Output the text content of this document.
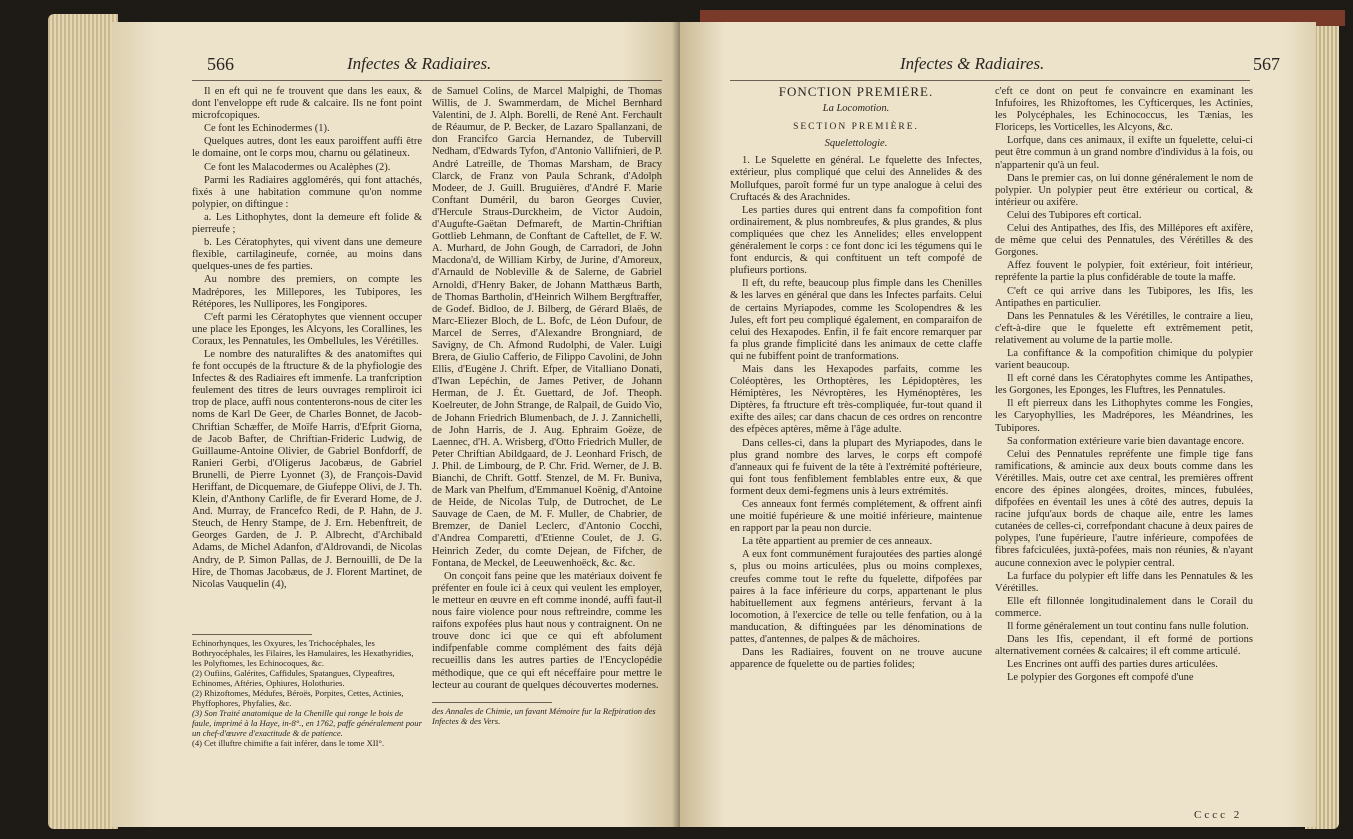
566	Infectes & Radiaires.

Il en eft qui ne fe trouvent que dans les eaux, & dont l'enveloppe eft rude & calcaire. Ils ne font point microfcopiques.

Ce font les Echinodermes (1).

Quelques autres, dont les eaux paroiffent auffi être le domaine, ont le corps mou, charnu ou gélatineux.

Ce font les Malacodermes ou Acalèphes (2).

Parmi les Radiaires agglomérés, qui font attachés, fixés à une habitation commune qu'on nomme polypier, on diftingue :

a. Les Lithophytes, dont la demeure eft folide & pierreufe ;

b. Les Cératophytes, qui vivent dans une demeure flexible, cartilagineufe, cornée, au moins dans quelques-unes de fes parties.

Au nombre des premiers, on compte les Madrépores, les Millepores, les Tubipores, les Rétépores, les Nullipores, les Fongipores.

C'eft parmi les Cératophytes que viennent occuper une place les Eponges, les Alcyons, les Corallines, les Coraux, les Pennatules, les Ombellules, les Vérétilles.

Le nombre des naturaliftes & des anatomiftes qui fe font occupés de la ftructure & de la phyfiologie des Infectes & des Radiaires eft immenfe. La tranfcription feulement des titres de leurs ouvrages rempliroit ici trop de place, auffi nous contenterons-nous de citer les noms de Karl De Geer, de Charles Bonnet, de Jacob-Chriftian Schæffer, de Moïfe Harris, d'Efprit Giorna, de Jacob Bafter, de Chriftian-Frideric Ludwig, de Guillaume-Antoine Olivier, de Gabriel Bonfdorff, de Ranieri Gerbi, d'Oligerus Jacobæus, de Gabriel Brunelli, de Pierre Lyonnet (3), de François-David Heriffant, de Dicquemare, de Giufeppe Olivi, de J. Th. Klein, d'Anthony Carlifle, de fir Everard Home, de J. And. Murray, de Francefco Redi, de P. Hahn, de J. Steuch, de Henry Stampe, de J. Ern. Hebenftreit, de Georges Garden, de J. P. Albrecht, d'Archibald Adams, de Michel Adanfon, d'Aldrovandi, de Nicolas Andry, de P. Simon Pallas, de J. Bernouilli, de De la Hire, de Thomas Jacobæus, de J. Florent Martinet, de Nicolas Vauquelin (4),

de Samuel Colins, de Marcel Malpighi, de Thomas Willis, de J. Swammerdam, de Michel Bernhard Valentini, de J. Alph. Borelli, de René Ant. Ferchault de Réaumur, de P. Becker, de Lazaro Spallanzani, de don Francifco Garcia Hernandez, de Tubervill Nedham, d'Edwards Tyfon, d'Antonio Vallifnieri, de P. André Latreille, de Thomas Marsham, de Bracy Clarck, de Franz von Paula Schrank, d'Adolph Modeer, de J. Guill. Bruguières, d'André F. Marie Conftant Duméril, du baron Georges Cuvier, d'Hercule Straus-Durckheim, de Victor Audoin, d'Augufte-Gaëtan Defmareft, de Martin-Chriftian Gottlieb Lehmann, de Conftant de Caftellet, de F. W. A. Murhard, de John Gough, de Carradori, de John Macdona'd, de William Kirby, de Jurine, d'Amoreux, d'Arnauld de Nobleville & de Salerne, de Gabriel Arnoldi, d'Henry Baker, de Johann Matthæus Barth, de Thomas Bartholin, d'Heinrich Wilhem Bergftraffer, de Godef. Bidloo, de J. Bilberg, de Gérard Blaës, de Marc-Eliezer Bloch, de L. Bofc, de Léon Dufour, de Marcel de Serres, d'Alexandre Brongniard, de Savigny, de Ch. Afmond Rudolphi, de Valer. Luigi Brera, de Giulio Cafferio, de Filippo Cavolini, de John Ellis, d'Eugène J. Chrift. Efper, de Vitalliano Donati, d'Iwan Lepéchin, de James Petiver, de Johann Herman, de J. Ét. Guettard, de Jof. Theoph. Koelreuter, de John Strange, de Ralpail, de Guido Vio, de Johann Friedrich Blumenbach, de J. J. Zannichelli, de John Harris, de J. Aug. Ephraim Goëze, de Laennec, d'H. A. Wrisberg, d'Otto Friedrich Muller, de Peter Chriftian Abildgaard, de J. Leonhard Frisch, de J. Phil. de Limbourg, de P. Chr. Frid. Werner, de J. B. Bianchi, de Chrift. Gottf. Stenzel, de M. Fr. Buniva, de Mark van Phelfum, d'Emmanuel Koënig, d'Antoine de Heide, de Nicolas Tulp, de Dutrochet, de Le Sauvage de Caen, de M. F. Muller, de Chabrier, de Bremzer, de Daniel Leclerc, d'Antonio Cocchi, d'Andrea Comparetti, d'Etienne Coulet, de J. G. Heinrich Zeder, du comte Dejean, de Fifcher, de Fontana, de Meckel, de Leeuwenhoëck, &c. &c.

On conçoit fans peine que les matériaux doivent fe préfenter en foule ici à ceux qui veulent les employer, le metteur en œuvre en eft comme inondé, auffi faut-il nous faire violence pour nous reftreindre, comme les raifons expofées plus haut nous y contraignent. On ne trouve donc ici que ce qui eft abfolument indifpenfable comme complément des faits déjà recueillis dans les autres parties de l'Encyclopédie méthodique, que ce qui eft néceffaire pour mettre le lecteur au courant de quelques découvertes modernes.

Echinorhynques, les Oxyures, les Trichocéphales, les Bothryocéphales, les Filaires, les Hamulaires, les Hexathyridies, les Polyftomes, les Echinocoques, &c.

(2) Oufiins, Galérites, Caffidules, Spatangues, Clypeaftres, Echinomes, Aftéries, Ophiures, Holothuries.

(2) Rhizoftomes, Médufes, Béroës, Porpites, Cettes, Actinies, Phyffophores, Phyfalies, &c.

(3) Son Traité anatomique de la Chenille qui ronge le bois de faule, imprimé à la Haye, in-8°., en 1762, paffe généralement pour un chef-d'œuvre d'exactitude & de patience.

(4) Cet illuftre chimifte a fait inférer, dans le tome XII°.

des Annales de Chimie, un favant Mémoire fur la Refpiration des Infectes & des Vers.

Infectes & Radiaires.	567
FONCTION PREMIÈRE.
La Locomotion.
SECTION PREMIÈRE.
Squelettologie.

1. Le Squelette en général. Le fquelette des Infectes, extérieur, plus compliqué que celui des Annelides & des Mollufques, paroît formé fur un type analogue à celui des Cruftacés & des Arachnides.

Les parties dures qui entrent dans fa compofition font ordinairement, & plus nombreufes, & plus grandes, & plus compliquées que chez les Annelides; elles enveloppent généralement le corps : ce font donc ici les tégumens qui le font endurcis, & qui conftituent un teft compofé de plufieurs portions.

Il eft, du refte, beaucoup plus fimple dans les Chenilles & les larves en général que dans les Infectes parfaits. Celui de certains Myriapodes, comme les Scolopendres & les Jules, eft fort peu compliqué également, en comparaifon de celui des Hexapodes. Enfin, il fe fait encore remarquer par fa plus grande fimplicité dans les animaux de cette claffe qui ne fubiffent point de tranformations.

Mais dans les Hexapodes parfaits, comme les Coléoptères, les Orthoptères, les Lépidoptères, les Hémiptères, les Névroptères, les Hyménoptères, les Diptères, fa ftructure eft très-compliquée, fur-tout quand il exifte des ailes; car dans chacun de ces ordres on rencontre des efpèces aptères, même à l'âge adulte.

Dans celles-ci, dans la plupart des Myriapodes, dans le plus grand nombre des larves, le corps eft compofé d'anneaux qui fe fuivent de la tête à l'extrémité poftérieure, qui font tous fenfiblement femblables entre eux, & que forment deux demi-fegmens unis à leurs extrémités.

Ces anneaux font fermés complétement, & offrent ainfi une moitié fupérieure & une moitié inférieure, maintenue en rapport par la peau non durcie.

La tête appartient au premier de ces anneaux.

A eux font communément furajoutées des parties alongé s, plus ou moins articulées, plus ou moins complexes, creufes comme tout le refte du fquelette, difpofées par paires à la face inférieure du corps, appartenant le plus habituellement aux fegmens antérieurs, fervant à la locomotion, à l'exercice de telle ou telle fenfation, ou à la manducation, & diftinguées par les dénominations de pattes, d'antennes, de palpes & de mâchoires.

Dans les Radiaires, fouvent on ne trouve aucune apparence de fquelette ou de parties folides;

c'eft ce dont on peut fe convaincre en examinant les Infufoires, les Rhizoftomes, les Cyfticerques, les Actinies, les Polycéphales, les Echinococcus, les Tænias, les Floriceps, les Vorticelles, les Alcyons, &c.

Lorfque, dans ces animaux, il exifte un fquelette, celui-ci peut être commun à un grand nombre d'individus à la fois, ou n'appartenir qu'à un feul.

Dans le premier cas, on lui donne généralement le nom de polypier. Un polypier peut être extérieur ou cortical, & intérieur ou axifère.

Celui des Tubipores eft cortical.

Celui des Antipathes, des Ifis, des Millépores eft axifère, de même que celui des Pennatules, des Vérétilles & des Gorgones.

Affez fouvent le polypier, foit extérieur, foit intérieur, repréfente la partie la plus confidérable de toute la maffe.

C'eft ce qui arrive dans les Tubipores, les Ifis, les Antipathes en particulier.

Dans les Pennatules & les Vérétilles, le contraire a lieu, c'eft-à-dire que le fquelette eft extrêmement petit, relativement au volume de la partie molle.

La confiftance & la compofition chimique du polypier varient beaucoup.

Il eft corné dans les Cératophytes comme les Antipathes, les Gorgones, les Eponges, les Fluftres, les Pennatules.

Il eft pierreux dans les Lithophytes comme les Fongies, les Caryophyllies, les Madrépores, les Méandrines, les Tubipores.

Sa conformation extérieure varie bien davantage encore.

Celui des Pennatules repréfente une fimple tige fans ramifications, & amincie aux deux bouts comme dans les Vérétilles. Mais, outre cet axe central, les premières offrent encore des épines alongées, droites, minces, fubulées, difpofées en éventail les unes à côté des autres, depuis la racine jufqu'aux bords de chaque aile, entre les lames cutanées de celles-ci, correfpondant chacune à deux paires de polypes, l'une fupérieure, l'autre inférieure, compofées de fibres fafciculées, juxtà-pofées, mais non réunies, & n'ayant aucune connexion avec le polypier central.

La furface du polypier eft liffe dans les Pennatules & les Vérétilles.

Elle eft fillonnée longitudinalement dans le Corail du commerce.

Il forme généralement un tout continu fans nulle folution.

Dans les Ifis, cependant, il eft formé de portions alternativement cornées & calcaires; il eft comme articulé.

Les Encrines ont auffi des parties dures articulées.

Le polypier des Gorgones eft compofé d'une

Cccc 2
